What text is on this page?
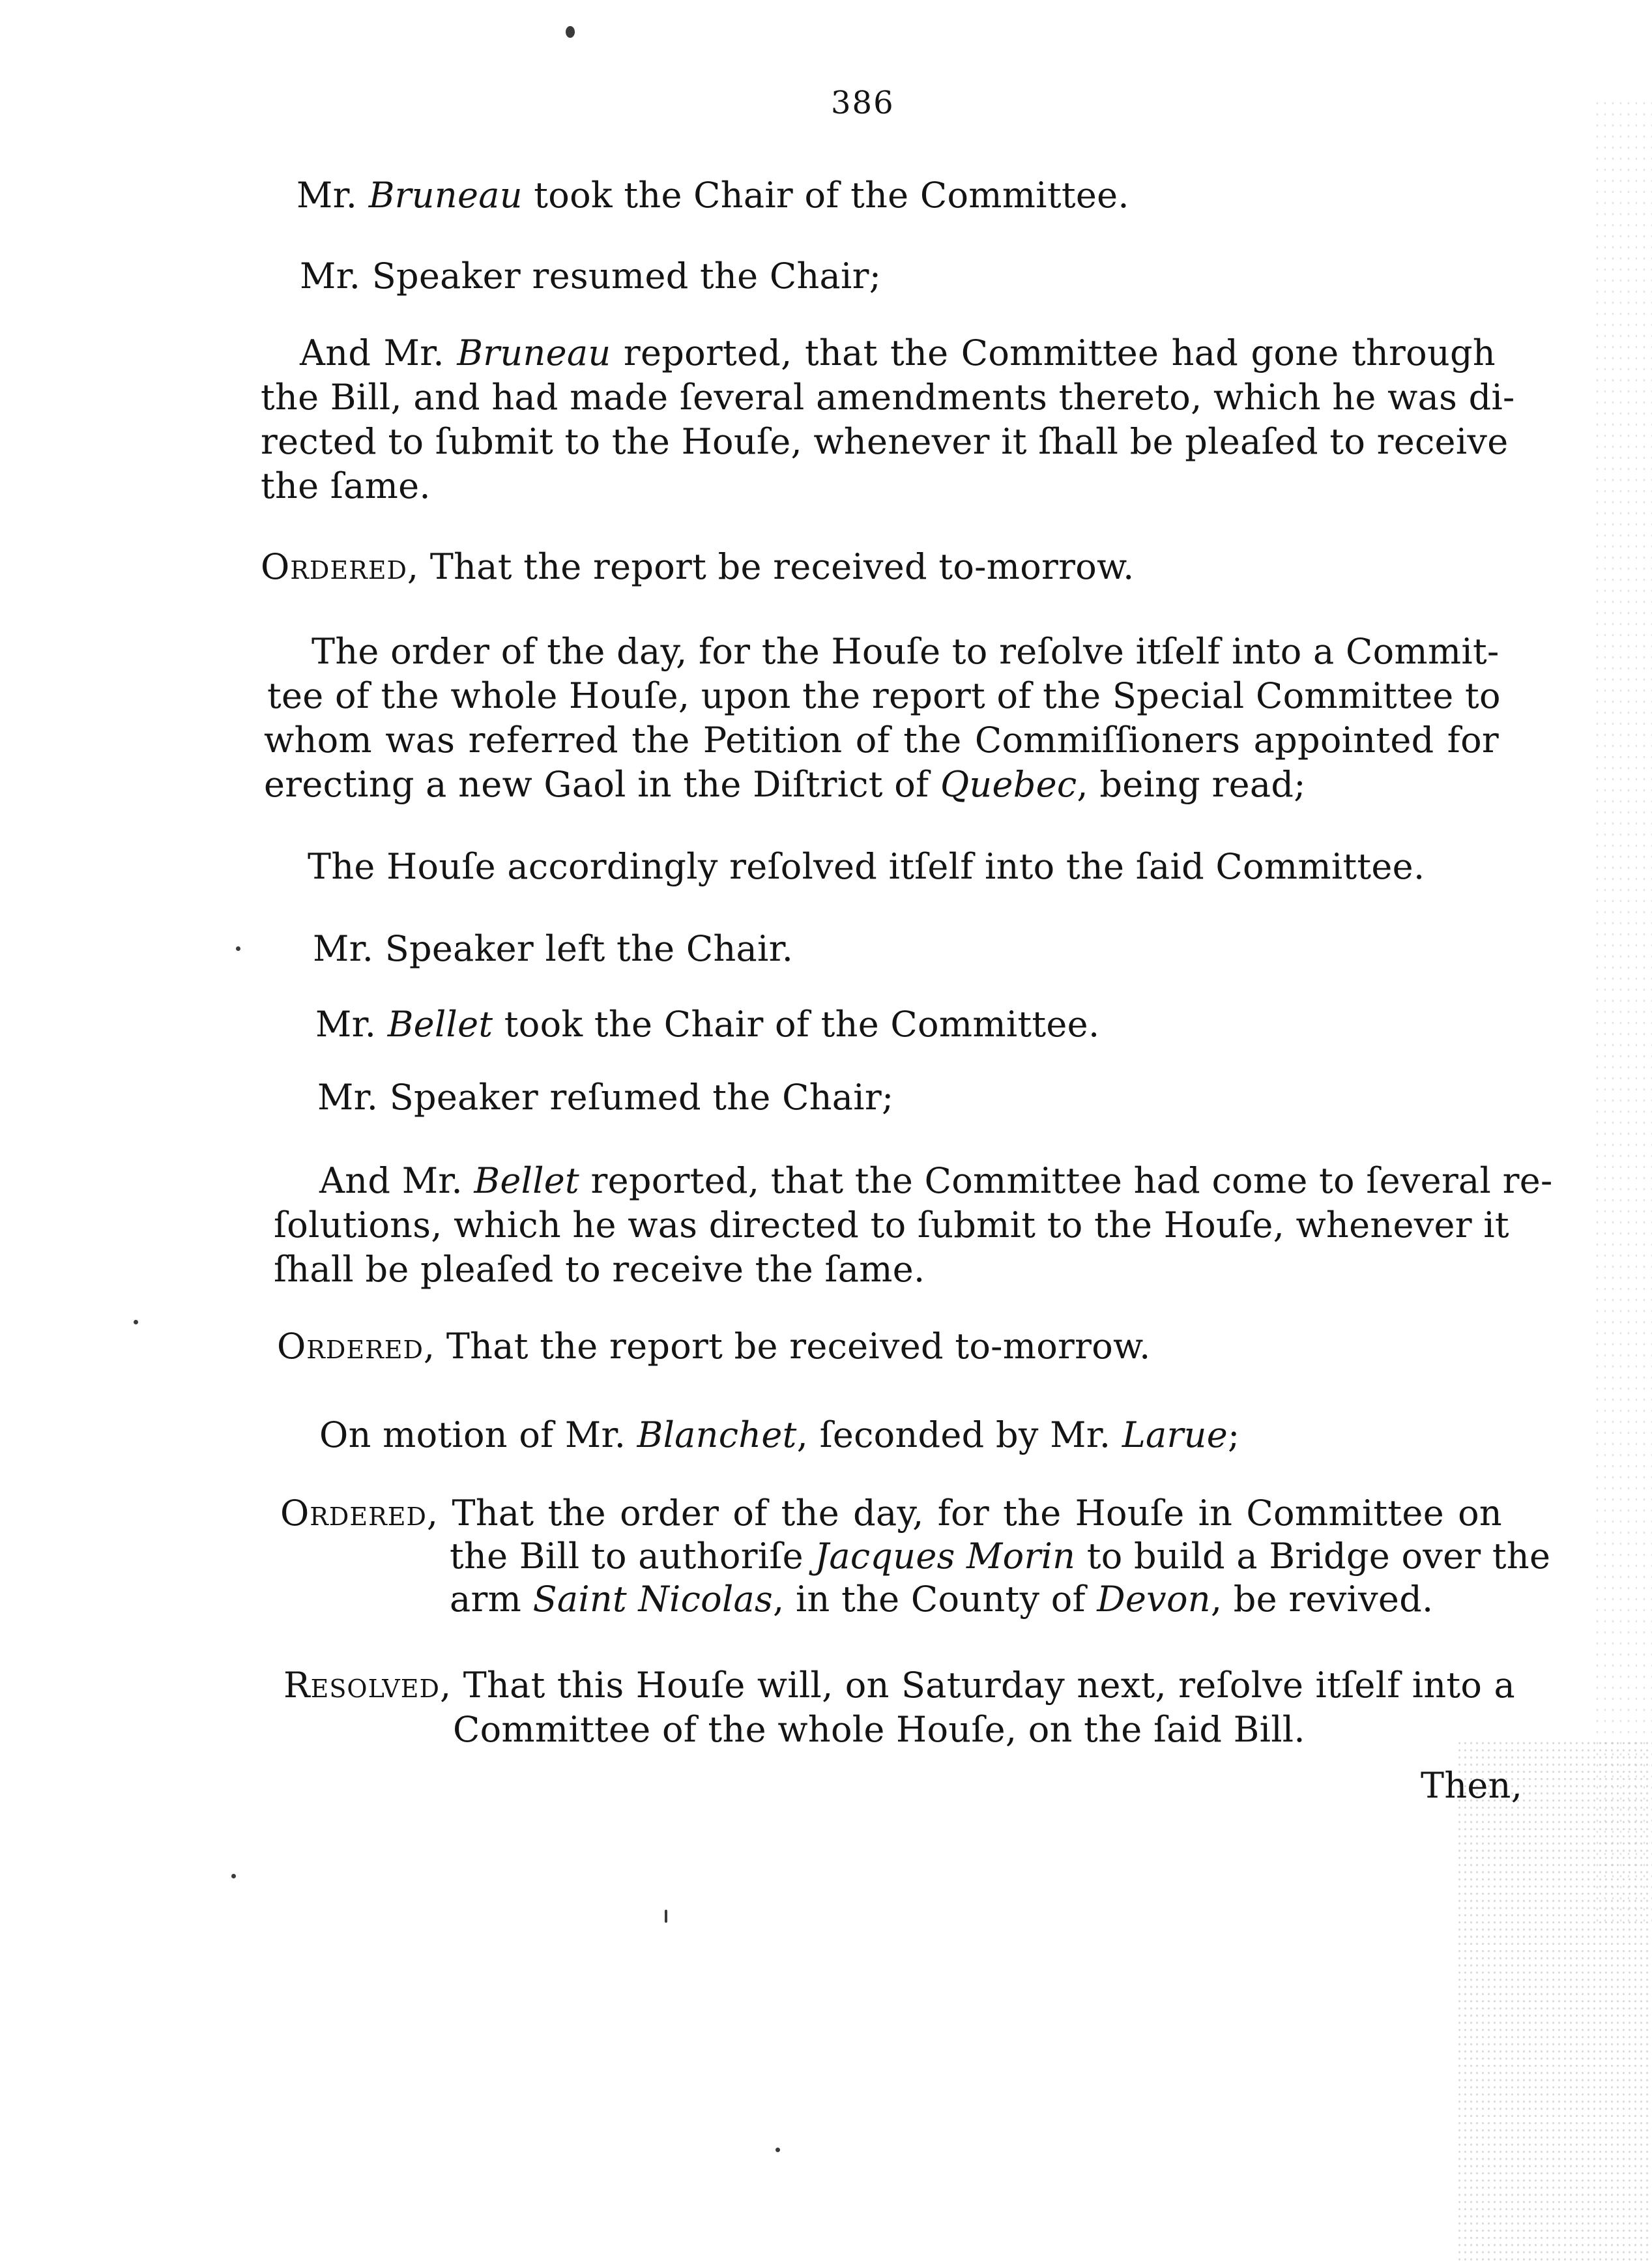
386
Mr. Bruneau took the Chair of the Committee.
Mr. Speaker resumed the Chair;
And Mr. Bruneau reported, that the Committee had gone through
the Bill, and had made ſeveral amendments thereto, which he was di-
rected to ſubmit to the Houſe, whenever it ſhall be pleaſed to receive
the ſame.
Ordered, That the report be received to-morrow.
The order of the day, for the Houſe to reſolve itſelf into a Commit-
tee of the whole Houſe, upon the report of the Special Committee to
whom was referred the Petition of the Commiſſioners appointed for
erecting a new Gaol in the Diſtrict of Quebec, being read;
The Houſe accordingly reſolved itſelf into the ſaid Committee.
Mr. Speaker left the Chair.
Mr. Bellet took the Chair of the Committee.
Mr. Speaker reſumed the Chair;
And Mr. Bellet reported, that the Committee had come to ſeveral re-
ſolutions, which he was directed to ſubmit to the Houſe, whenever it
ſhall be pleaſed to receive the ſame.
Ordered, That the report be received to-morrow.
On motion of Mr. Blanchet, ſeconded by Mr. Larue;
Ordered, That the order of the day, for the Houſe in Committee on
the Bill to authoriſe Jacques Morin to build a Bridge over the
arm Saint Nicolas, in the County of Devon, be revived.
Resolved, That this Houſe will, on Saturday next, reſolve itſelf into a
Committee of the whole Houſe, on the ſaid Bill.
Then,
